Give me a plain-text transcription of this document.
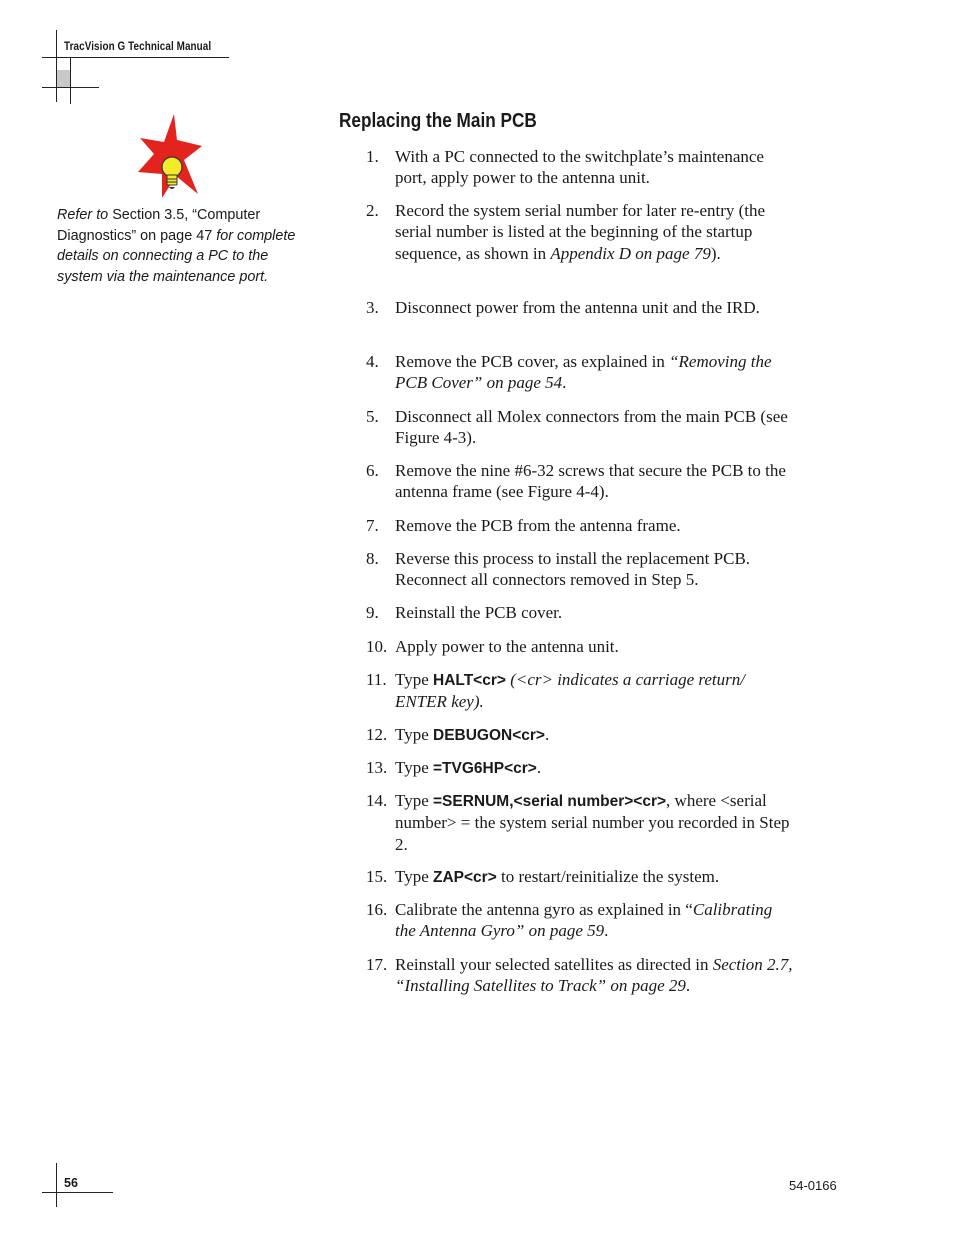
TracVision G Technical Manual
Refer to Section 3.5, “Computer Diagnostics” on page 47 for complete details on connecting a PC to the system via the maintenance port.
Replacing the Main PCB
1. With a PC connected to the switchplate’s maintenance port, apply power to the antenna unit.
2. Record the system serial number for later re-entry (the serial number is listed at the beginning of the startup sequence, as shown in Appendix D on page 79).
3. Disconnect power from the antenna unit and the IRD.
4. Remove the PCB cover, as explained in “Removing the PCB Cover” on page 54.
5. Disconnect all Molex connectors from the main PCB (see Figure 4-3).
6. Remove the nine #6-32 screws that secure the PCB to the antenna frame (see Figure 4-4).
7. Remove the PCB from the antenna frame.
8. Reverse this process to install the replacement PCB. Reconnect all connectors removed in Step 5.
9. Reinstall the PCB cover.
10. Apply power to the antenna unit.
11. Type HALT<cr> (<cr> indicates a carriage return/ ENTER key).
12. Type DEBUGON<cr>.
13. Type =TVG6HP<cr>.
14. Type =SERNUM,<serial number><cr>, where <serial number> = the system serial number you recorded in Step 2.
15. Type ZAP<cr> to restart/reinitialize the system.
16. Calibrate the antenna gyro as explained in “Calibrating the Antenna Gyro” on page 59.
17. Reinstall your selected satellites as directed in Section 2.7, “Installing Satellites to Track” on page 29.
56	54-0166
